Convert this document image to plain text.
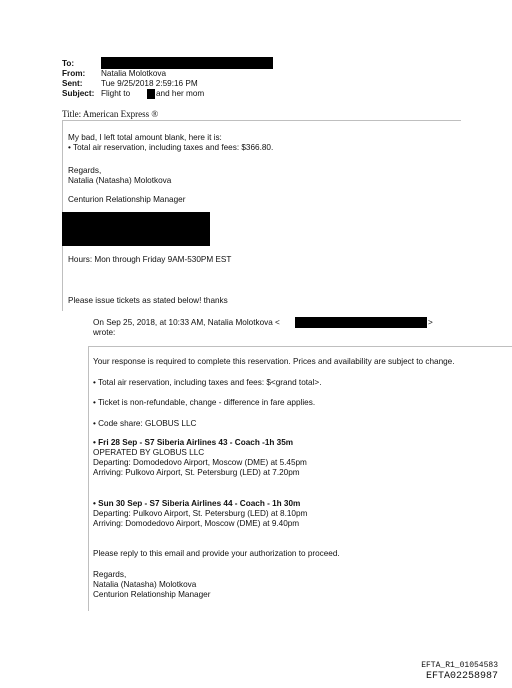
To:
From: Natalia Molotkova
Sent: Tue 9/25/2018 2:59:16 PM
Subject: Flight to	and her mom
Title: American Express ®
My bad, I left total amount blank, here it is:
• Total air reservation, including taxes and fees: $366.80.
Regards,
Natalia (Natasha) Molotkova
Centurion Relationship Manager
Hours: Mon through Friday 9AM-530PM EST
Please issue tickets as stated below! thanks
On Sep 25, 2018, at 10:33 AM, Natalia Molotkova <	>
wrote:
Your response is required to complete this reservation. Prices and availability are subject to change.
• Total air reservation, including taxes and fees: $<grand total>.
• Ticket is non-refundable, change - difference in fare applies.
• Code share: GLOBUS LLC
• Fri 28 Sep - S7 Siberia Airlines 43 - Coach -1h 35m
OPERATED BY GLOBUS LLC
Departing: Domodedovo Airport, Moscow (DME) at 5.45pm
Arriving: Pulkovo Airport, St. Petersburg (LED) at 7.20pm
• Sun 30 Sep - S7 Siberia Airlines 44 - Coach - 1h 30m
Departing: Pulkovo Airport, St. Petersburg (LED) at 8.10pm
Arriving: Domodedovo Airport, Moscow (DME) at 9.40pm
Please reply to this email and provide your authorization to proceed.
Regards,
Natalia (Natasha) Molotkova
Centurion Relationship Manager
EFTA_R1_01054583
EFTA02258987
